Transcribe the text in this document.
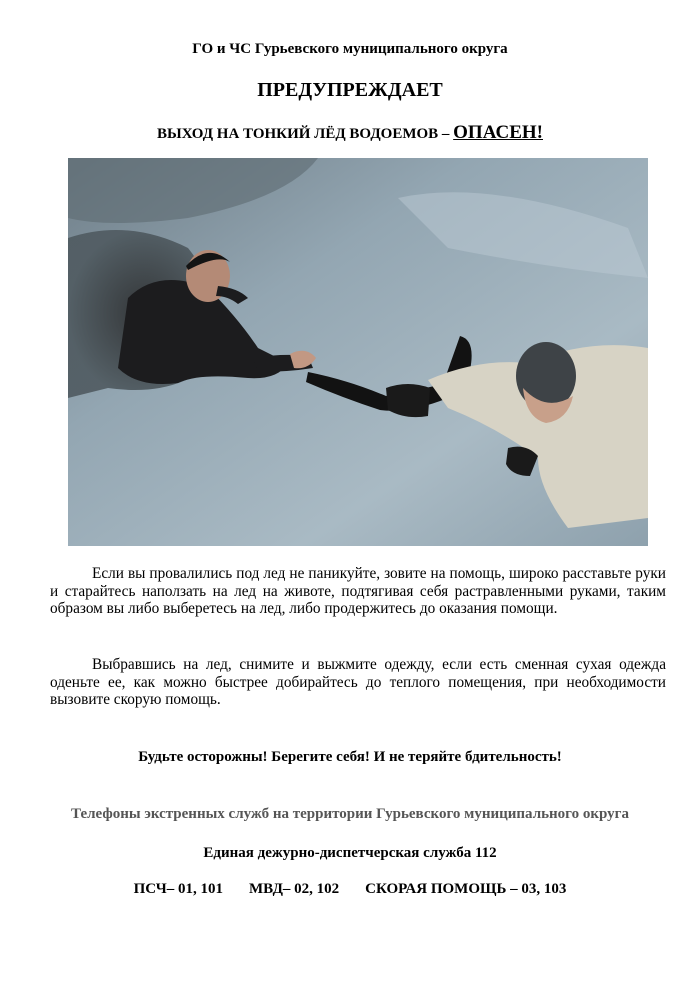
ГО и ЧС Гурьевского муниципального округа
ПРЕДУПРЕЖДАЕТ
ВЫХОД НА ТОНКИЙ ЛЁД ВОДОЕМОВ – ОПАСЕН!

Если вы провалились под лед не паникуйте, зовите на помощь, широко расставьте руки и старайтесь наползать на лед на животе, подтягивая себя растравленными руками, таким образом вы либо выберетесь на лед, либо продержитесь до оказания помощи.

Выбравшись на лед, снимите и выжмите одежду, если есть сменная сухая одежда оденьте ее, как можно быстрее добирайтесь до теплого помещения, при необходимости вызовите скорую помощь.

Будьте осторожны! Берегите себя! И не теряйте бдительность!
Телефоны экстренных служб на территории Гурьевского муниципального округа
Единая дежурно-диспетчерская служба 112
ПСЧ– 01, 101 МВД– 02, 102 СКОРАЯ ПОМОЩЬ – 03, 103
